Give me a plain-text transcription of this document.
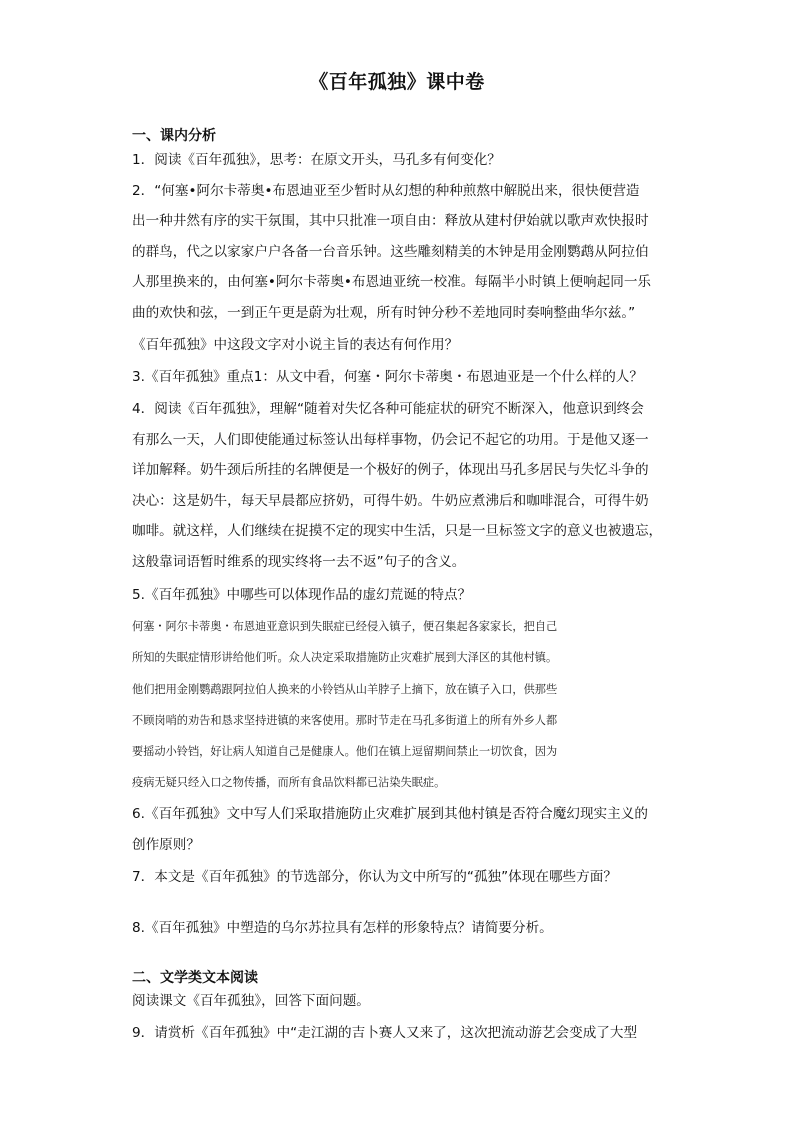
《百年孤独》课中卷
一、课内分析
1．阅读《百年孤独》，思考：在原文开头，马孔多有何变化？
2．“何塞•阿尔卡蒂奥•布恩迪亚至少暂时从幻想的种种煎熬中解脱出来，很快便营造
出一种井然有序的实干氛围，其中只批准一项自由：释放从建村伊始就以歌声欢快报时
的群鸟，代之以家家户户各备一台音乐钟。这些雕刻精美的木钟是用金刚鹦鹉从阿拉伯
人那里换来的，由何塞•阿尔卡蒂奥•布恩迪亚统一校准。每隔半小时镇上便响起同一乐
曲的欢快和弦，一到正午更是蔚为壮观，所有时钟分秒不差地同时奏响整曲华尔兹。”
《百年孤独》中这段文字对小说主旨的表达有何作用？
3.《百年孤独》重点1：从文中看，何塞・阿尔卡蒂奥・布恩迪亚是一个什么样的人？
4．阅读《百年孤独》，理解“随着对失忆各种可能症状的研究不断深入，他意识到终会
有那么一天，人们即使能通过标签认出每样事物，仍会记不起它的功用。于是他又逐一
详加解释。奶牛颈后所挂的名牌便是一个极好的例子，体现出马孔多居民与失忆斗争的
决心：这是奶牛，每天早晨都应挤奶，可得牛奶。牛奶应煮沸后和咖啡混合，可得牛奶
咖啡。就这样，人们继续在捉摸不定的现实中生活，只是一旦标签文字的意义也被遗忘，
这般靠词语暂时维系的现实终将一去不返”句子的含义。
5.《百年孤独》中哪些可以体现作品的虚幻荒诞的特点？
何塞・阿尔卡蒂奥・布恩迪亚意识到失眠症已经侵入镇子，便召集起各家家长，把自己
所知的失眠症情形讲给他们听。众人决定采取措施防止灾难扩展到大泽区的其他村镇。
他们把用金刚鹦鹉跟阿拉伯人换来的小铃铛从山羊脖子上摘下，放在镇子入口，供那些
不顾岗哨的劝告和恳求坚持进镇的来客使用。那时节走在马孔多街道上的所有外乡人都
要摇动小铃铛，好让病人知道自己是健康人。他们在镇上逗留期间禁止一切饮食，因为
疫病无疑只经入口之物传播，而所有食品饮料都已沾染失眠症。
6.《百年孤独》文中写人们采取措施防止灾难扩展到其他村镇是否符合魔幻现实主义的
创作原则？
7．本文是《百年孤独》的节选部分，你认为文中所写的“孤独”体现在哪些方面？
8.《百年孤独》中塑造的乌尔苏拉具有怎样的形象特点？请简要分析。
二、文学类文本阅读
阅读课文《百年孤独》，回答下面问题。
9．请赏析《百年孤独》中“走江湖的吉卜赛人又来了，这次把流动游艺会变成了大型
